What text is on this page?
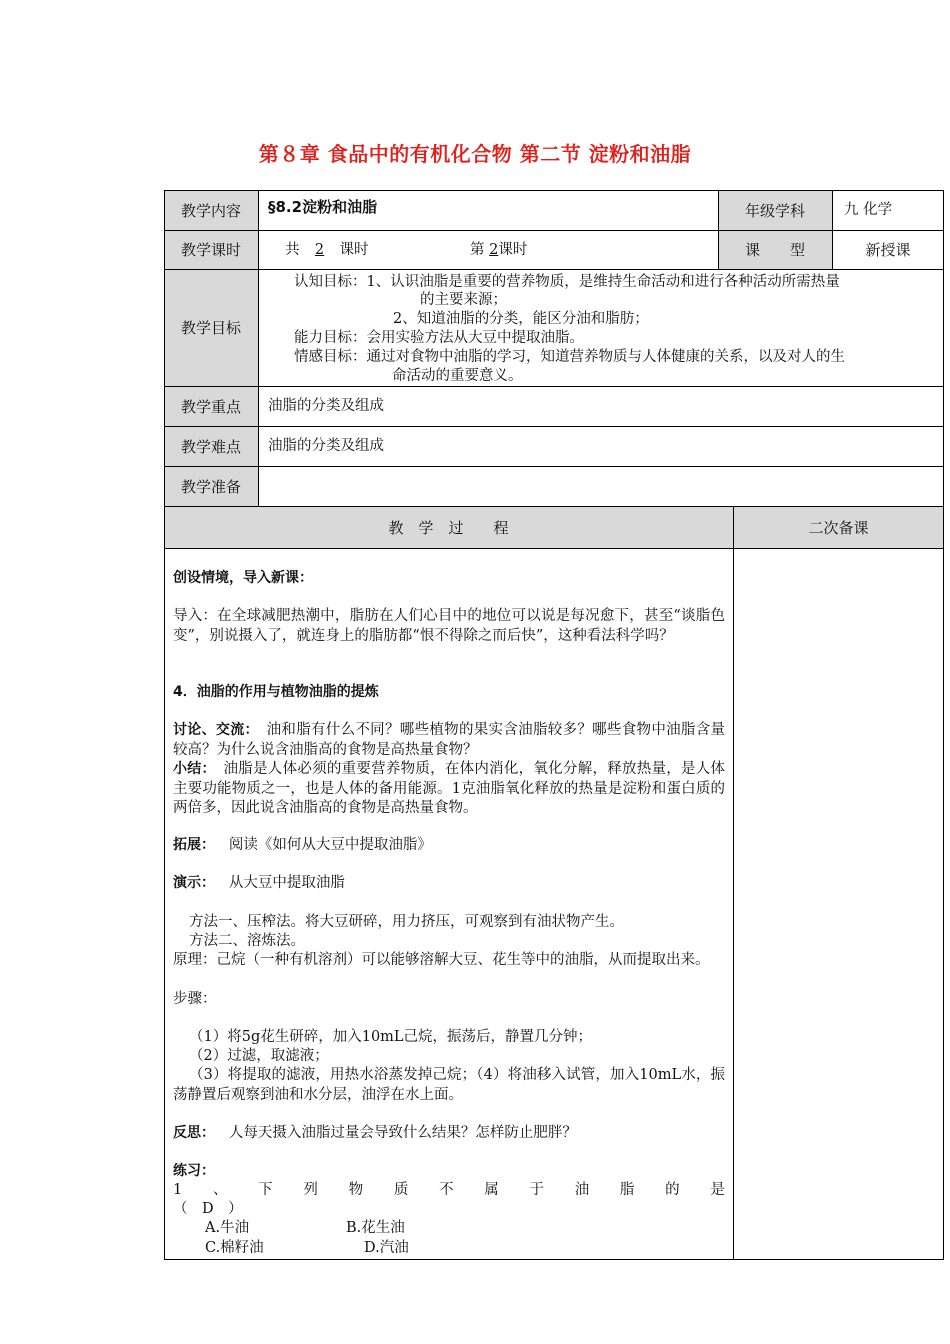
第８章 食品中的有机化合物 第二节 淀粉和油脂
教学内容	§8.2淀粉和油脂	年级学科	九 化学
教学课时	共 2 课时	第 2课时	课　　型	新授课
教学目标
认知目标：1、认识油脂是重要的营养物质，是维持生命活动和进行各种活动所需热量
的主要来源；
2、知道油脂的分类，能区分油和脂肪；
能力目标：会用实验方法从大豆中提取油脂。
情感目标：通过对食物中油脂的学习，知道营养物质与人体健康的关系，以及对人的生
命活动的重要意义。
教学重点	油脂的分类及组成
教学难点	油脂的分类及组成
教学准备
教　学　过　　程	二次备课
创设情境，导入新课：
导入：在全球减肥热潮中，脂肪在人们心目中的地位可以说是每况愈下，甚至“谈脂色变”，别说摄入了，就连身上的脂肪都“恨不得除之而后快”，这种看法科学吗？
4．油脂的作用与植物油脂的提炼
讨论、交流：　油和脂有什么不同？哪些植物的果实含油脂较多？哪些食物中油脂含量较高？为什么说含油脂高的食物是高热量食物？
小结：　油脂是人体必须的重要营养物质，在体内消化，氧化分解，释放热量，是人体主要功能物质之一，也是人体的备用能源。1克油脂氧化释放的热量是淀粉和蛋白质的两倍多，因此说含油脂高的食物是高热量食物。
拓展： 阅读《如何从大豆中提取油脂》
演示： 从大豆中提取油脂
方法一、压榨法。将大豆研碎，用力挤压，可观察到有油状物产生。
方法二、溶炼法。
原理：己烷（一种有机溶剂）可以能够溶解大豆、花生等中的油脂，从而提取出来。
步骤：
（1）将5g花生研碎，加入10mL己烷，振荡后，静置几分钟；
（2）过滤，取滤液；
（3）将提取的滤液，用热水浴蒸发掉己烷；（4）将油移入试管，加入10mL水，振荡静置后观察到油和水分层，油浮在水上面。
反思： 人每天摄入油脂过量会导致什么结果？怎样防止肥胖？
练习：
1 、 下 列 物 质 不 属 于 油 脂 的 是
（　D　）
A.牛油	B.花生油
C.棉籽油	D.汽油
